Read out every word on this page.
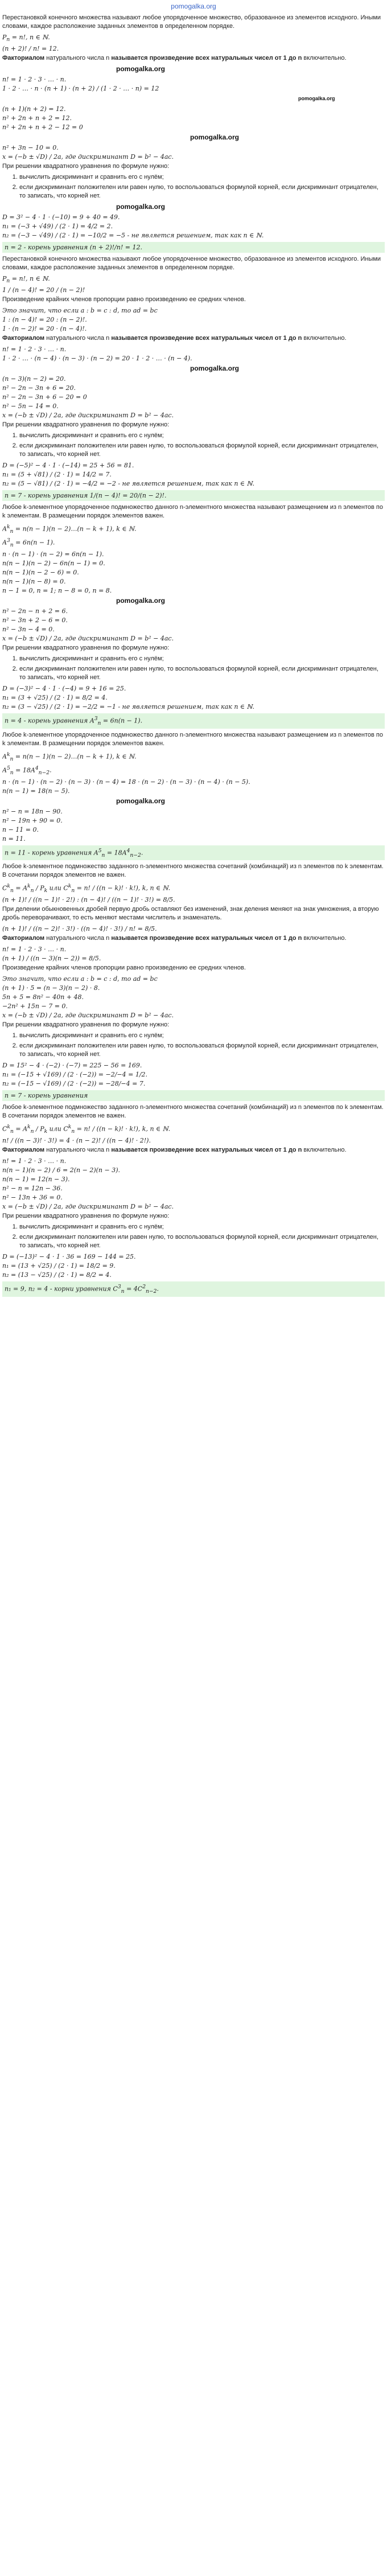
pomogalka.org
Перестановкой конечного множества называют любое упорядоченное множество, образованное из элементов исходного. Иными словами, каждое расположение заданных элементов в определенном порядке.
$P_n = n$!, n ∈ ℕ.
(n + 2)! / n! = 12.
Факториалом натурального числа n называется произведение всех натуральных чисел от 1 до n включительно.
pomogalka.org
n! = 1 · 2 · 3 · … · n.
1 · 2 · … · n · (n + 1) · (n + 2) / (1 · 2 · … · n) = 12
pomogalka.org
(n + 1)(n + 2) = 12.
n² + 2n + n + 2 = 12.
n² + 2n + n + 2 − 12 = 0
pomogalka.org
n² + 3n − 10 = 0.
x = (−b ± √D) / 2a, где дискриминант D = b² − 4ac.
При решении квадратного уравнения по формуле нужно:
1. вычислить дискриминант и сравнить его с нулём;
2. если дискриминант положителен или равен нулю, то воспользоваться формулой корней, если дискриминант отрицателен, то записать, что корней нет.
pomogalka.org
D = 3² − 4 · 1 · (−10) = 9 + 40 = 49.
n₁ = (−3 + √49) / (2 · 1) = 4/2 = 2.
n₂ = (−3 − √49) / (2 · 1) = −10/2 = −5 - не является решением, так как n ∈ ℕ.
n = 2 - корень уравнения (n + 2)!/n! = 12.
Перестановкой конечного множества называют любое упорядоченное множество, образованное из элементов исходного. Иными словами, каждое расположение заданных элементов в определенном порядке.
$P_n = n$!, n ∈ ℕ.
1 / (n − 4)! = 20 / (n − 2)!
Произведение крайних членов пропорции равно произведению ее средних членов.
Это значит, что если a : b = c : d, то ad = bc
1 : (n − 4)! = 20 : (n − 2)!.
1 · (n − 2)! = 20 · (n − 4)!.
Факториалом натурального числа n называется произведение всех натуральных чисел от 1 до n включительно.
n! = 1 · 2 · 3 · … · n.
1 · 2 · … · (n − 4) · (n − 3) · (n − 2) = 20 · 1 · 2 · … · (n − 4).
pomogalka.org
(n − 3)(n − 2) = 20.
n² − 2n − 3n + 6 = 20.
n² − 2n − 3n + 6 − 20 = 0
n² − 5n − 14 = 0.
x = (−b ± √D) / 2a, где дискриминант D = b² − 4ac.
При решении квадратного уравнения по формуле нужно:
1. вычислить дискриминант и сравнить его с нулём;
2. если дискриминант положителен или равен нулю, то воспользоваться формулой корней, если дискриминант отрицателен, то записать, что корней нет.
D = (−5)² − 4 · 1 · (−14) = 25 + 56 = 81.
n₁ = (5 + √81) / (2 · 1) = 14/2 = 7.
n₂ = (5 − √81) / (2 · 1) = −4/2 = −2 - не является решением, так как n ∈ ℕ.
n = 7 - корень уравнения 1/(n − 4)! = 20/(n − 2)!.
Любое k-элементное упорядоченное подмножество данного n-элементного множества называют размещением из n элементов по k элементам. В размещении порядок элементов важен.
$A^k_n = n(n - 1)(n$ − 2)…(n − k + 1), k ∈ ℕ.
$A^3_n = 6n(n - 1)$.
n · (n − 1) · (n − 2) = 6n(n − 1).
n(n − 1)(n − 2) − 6n(n − 1) = 0.
n(n − 1)(n − 2 − 6) = 0.
n(n − 1)(n − 8) = 0.
n − 1 = 0, n = 1; n − 8 = 0, n = 8.
pomogalka.org
n² − 2n − n + 2 = 6.
n² − 3n + 2 − 6 = 0.
n² − 3n − 4 = 0.
x = (−b ± √D) / 2a, где дискриминант D = b² − 4ac.
При решении квадратного уравнения по формуле нужно:
1. вычислить дискриминант и сравнить его с нулём;
2. если дискриминант положителен или равен нулю, то воспользоваться формулой корней, если дискриминант отрицателен, то записать, что корней нет.
D = (−3)² − 4 · 1 · (−4) = 9 + 16 = 25.
n₁ = (3 + √25) / (2 · 1) = 8/2 = 4.
n₂ = (3 − √25) / (2 · 1) = −2/2 = −1 - не является решением, так как n ∈ ℕ.
n = 4 - корень уравнения $A^3_n = 6n(n - 1)$.
Любое k-элементное упорядоченное подмножество данного n-элементного множества называют размещением из n элементов по k элементам. В размещении порядок элементов важен.
$A^k_n = n(n - 1)(n$ − 2)…(n − k + 1), k ∈ ℕ.
$A^5_n = 18A^4_{n-2}$.
n · (n − 1) · (n − 2) · (n − 3) · (n − 4) = 18 · (n − 2) · (n − 3) · (n − 4) · (n − 5).
n(n − 1) = 18(n − 5).
pomogalka.org
n² − n = 18n − 90.
n² − 19n + 90 = 0.
n − 11 = 0.
n = 11.
n = 11 - корень уравнения $A^5_n = 18A^4_{n-2}$.
Любое k-элементное подмножество заданного n-элементного множества сочетаний (комбинаций) из n элементов по k элементам. В сочетании порядок элементов не важен.
$C^k_n = A^k_n / P_k$ или $C^k_n = n$! / ((n − k)! · k!), k, n ∈ ℕ.
(n + 1)! / ((n − 1)! · 2!) : (n − 4)! / ((n − 1)! · 3!) = 8/5.
При делении обыкновенных дробей первую дробь оставляют без изменений, знак деления меняют на знак умножения, а вторую дробь переворачивают, то есть меняют местами числитель и знаменатель.
(n + 1)! / ((n − 2)! · 3!) · ((n − 4)! · 3!) / n! = 8/5.
Факториалом натурального числа n называется произведение всех натуральных чисел от 1 до n включительно.
n! = 1 · 2 · 3 · … · n.
(n + 1) / ((n − 3)(n − 2)) = 8/5.
Произведение крайних членов пропорции равно произведению ее средних членов.
Это значит, что если a : b = c : d, то ad = bc
(n + 1) · 5 = (n − 3)(n − 2) · 8.
5n + 5 = 8n² − 40n + 48.
−2n² + 15n − 7 = 0.
x = (−b ± √D) / 2a, где дискриминант D = b² − 4ac.
При решении квадратного уравнения по формуле нужно:
1. вычислить дискриминант и сравнить его с нулём;
2. если дискриминант положителен или равен нулю, то воспользоваться формулой корней, если дискриминант отрицателен, то записать, что корней нет.
D = 15² − 4 · (−2) · (−7) = 225 − 56 = 169.
n₁ = (−15 + √169) / (2 · (−2)) = −2/−4 = 1/2.
n₂ = (−15 − √169) / (2 · (−2)) = −28/−4 = 7.
n = 7 - корень уравнения
Любое k-элементное подмножество заданного n-элементного множества сочетаний (комбинаций) из n элементов по k элементам. В сочетании порядок элементов не важен.
$C^k_n = A^k_n / P_k$ или $C^k_n = n$! / ((n − k)! · k!), k, n ∈ ℕ.
n! / ((n − 3)! · 3!) = 4 · (n − 2)! / ((n − 4)! · 2!).
Факториалом натурального числа n называется произведение всех натуральных чисел от 1 до n включительно.
n! = 1 · 2 · 3 · … · n.
n(n − 1)(n − 2) / 6 = 2(n − 2)(n − 3).
n(n − 1) = 12(n − 3).
n² − n = 12n − 36.
n² − 13n + 36 = 0.
x = (−b ± √D) / 2a, где дискриминант D = b² − 4ac.
При решении квадратного уравнения по формуле нужно:
1. вычислить дискриминант и сравнить его с нулём;
2. если дискриминант положителен или равен нулю, то воспользоваться формулой корней, если дискриминант отрицателен, то записать, что корней нет.
D = (−13)² − 4 · 1 · 36 = 169 − 144 = 25.
n₁ = (13 + √25) / (2 · 1) = 18/2 = 9.
n₂ = (13 − √25) / (2 · 1) = 8/2 = 4.
n₁ = 9, n₂ = 4 - корни уравнения $C^3_n = 4C^2_{n-2}$.
